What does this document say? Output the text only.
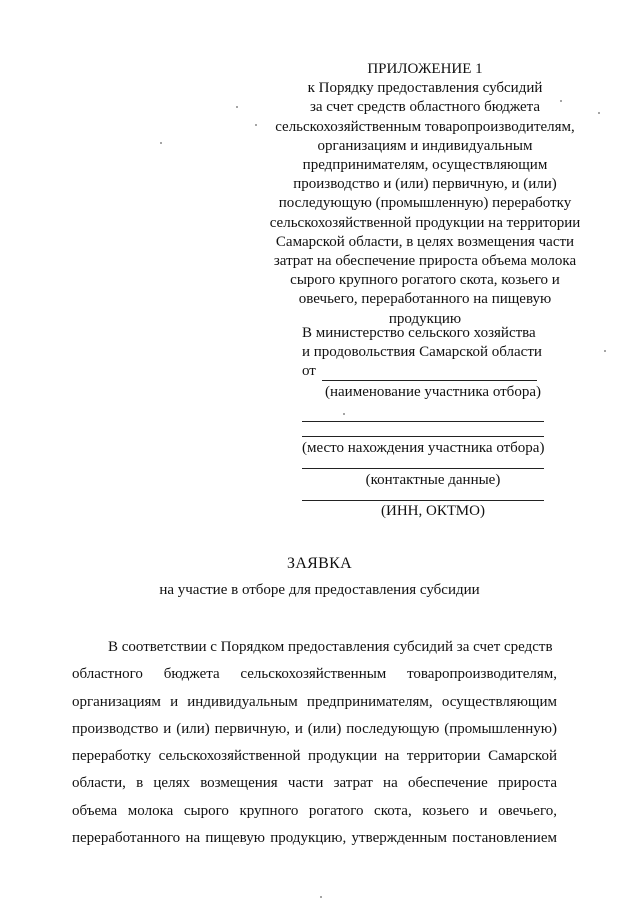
ПРИЛОЖЕНИЕ 1
к Порядку предоставления субсидий
за счет средств областного бюджета
сельскохозяйственным товаропроизводителям,
организациям и индивидуальным
предпринимателям, осуществляющим
производство и (или) первичную, и (или)
последующую (промышленную) переработку
сельскохозяйственной продукции на территории
Самарской области, в целях возмещения части
затрат на обеспечение прироста объема молока
сырого крупного рогатого скота, козьего и
овечьего, переработанного на пищевую
продукцию
В министерство сельского хозяйства
и продовольствия Самарской области
от
(наименование участника отбора)
(место нахождения участника отбора)
(контактные данные)
(ИНН, ОКТМО)
ЗАЯВКА
на участие в отборе для предоставления субсидии
В соответствии с Порядком предоставления субсидий за счет средств
областного бюджета сельскохозяйственным товаропроизводителям,
организациям и индивидуальным предпринимателям, осуществляющим
производство и (или) первичную, и (или) последующую (промышленную)
переработку сельскохозяйственной продукции на территории Самарской
области, в целях возмещения части затрат на обеспечение прироста
объема молока сырого крупного рогатого скота, козьего и овечьего,
переработанного на пищевую продукцию, утвержденным постановлением
